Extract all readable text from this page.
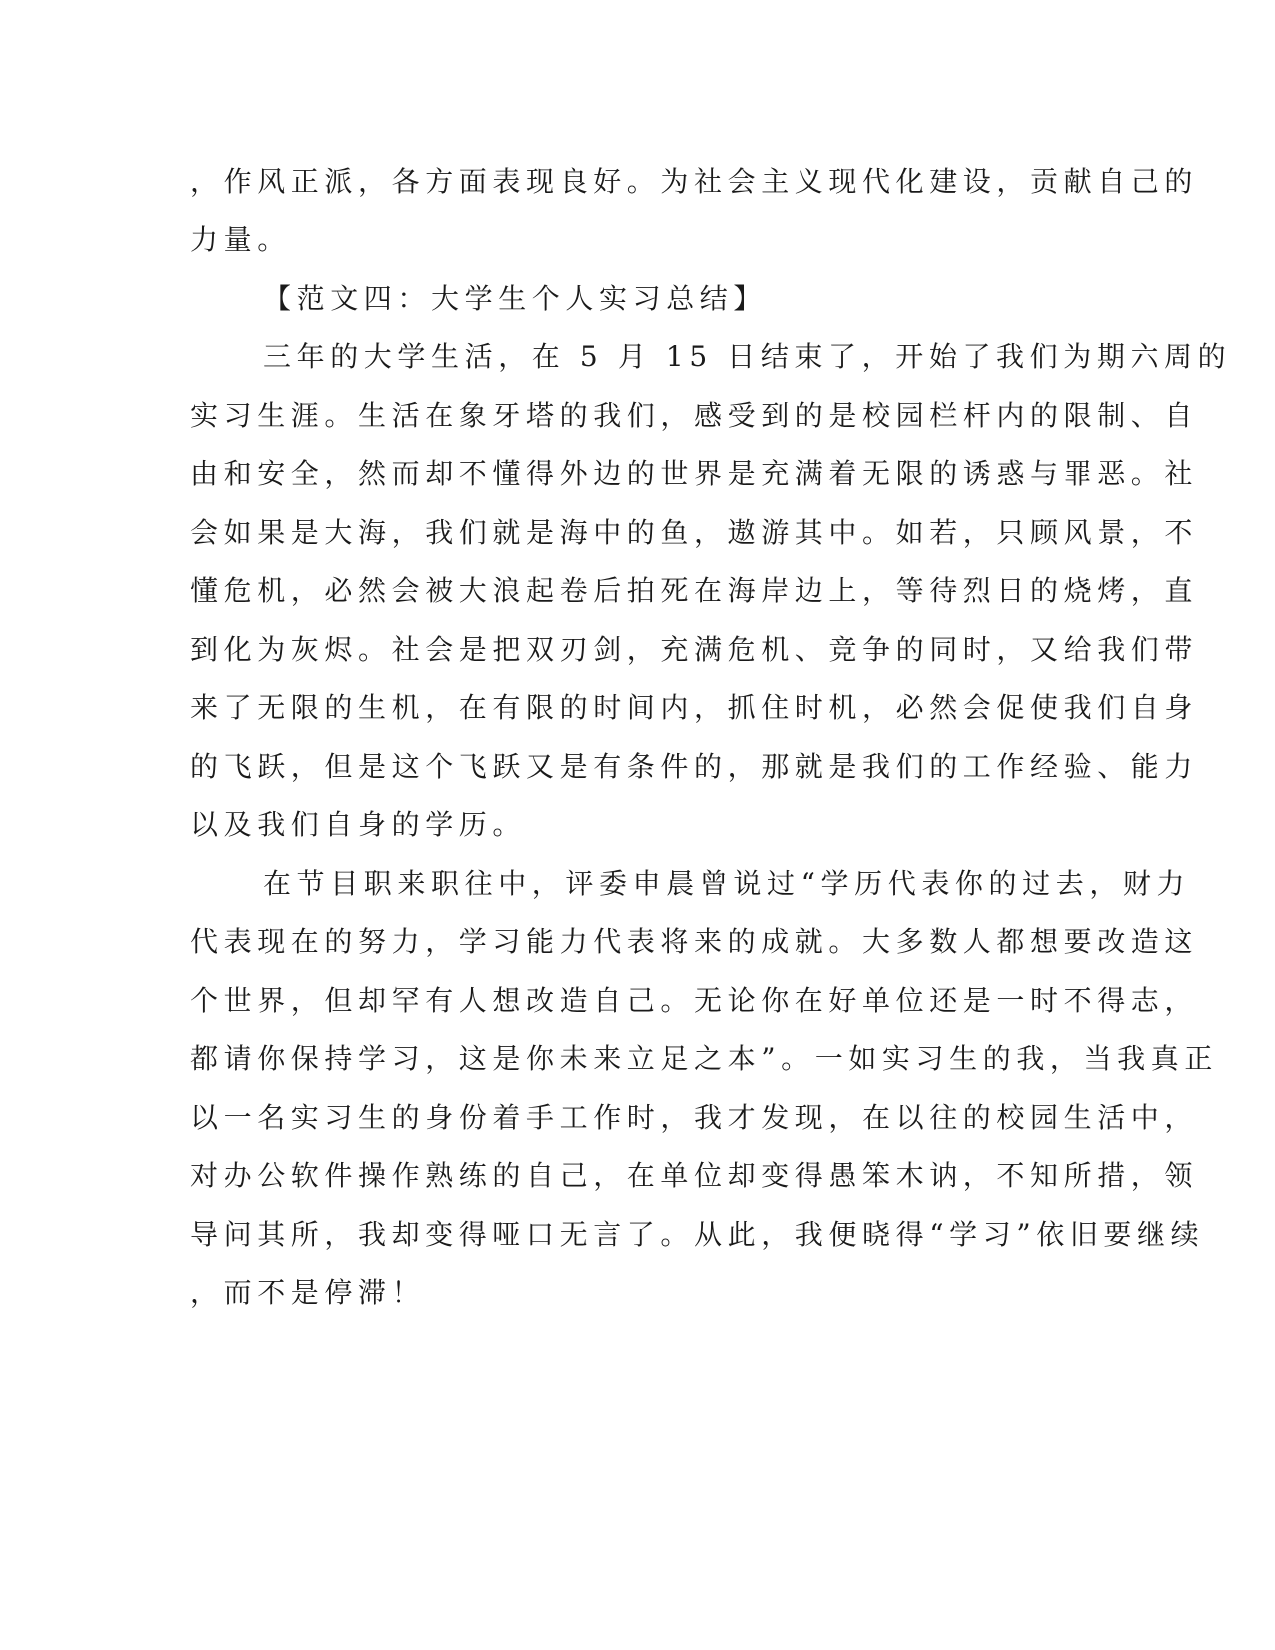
，作风正派，各方面表现良好。为社会主义现代化建设，贡献自己的
力量。
【范文四：大学生个人实习总结】
三年的大学生活，在 5 月 15 日结束了，开始了我们为期六周的
实习生涯。生活在象牙塔的我们，感受到的是校园栏杆内的限制、自
由和安全，然而却不懂得外边的世界是充满着无限的诱惑与罪恶。社
会如果是大海，我们就是海中的鱼，遨游其中。如若，只顾风景，不
懂危机，必然会被大浪起卷后拍死在海岸边上，等待烈日的烧烤，直
到化为灰烬。社会是把双刃剑，充满危机、竞争的同时，又给我们带
来了无限的生机，在有限的时间内，抓住时机，必然会促使我们自身
的飞跃，但是这个飞跃又是有条件的，那就是我们的工作经验、能力
以及我们自身的学历。
在节目职来职往中，评委申晨曾说过“学历代表你的过去，财力
代表现在的努力，学习能力代表将来的成就。大多数人都想要改造这
个世界，但却罕有人想改造自己。无论你在好单位还是一时不得志，
都请你保持学习，这是你未来立足之本”。一如实习生的我，当我真正
以一名实习生的身份着手工作时，我才发现，在以往的校园生活中，
对办公软件操作熟练的自己，在单位却变得愚笨木讷，不知所措，领
导问其所，我却变得哑口无言了。从此，我便晓得“学习”依旧要继续
，而不是停滞！
